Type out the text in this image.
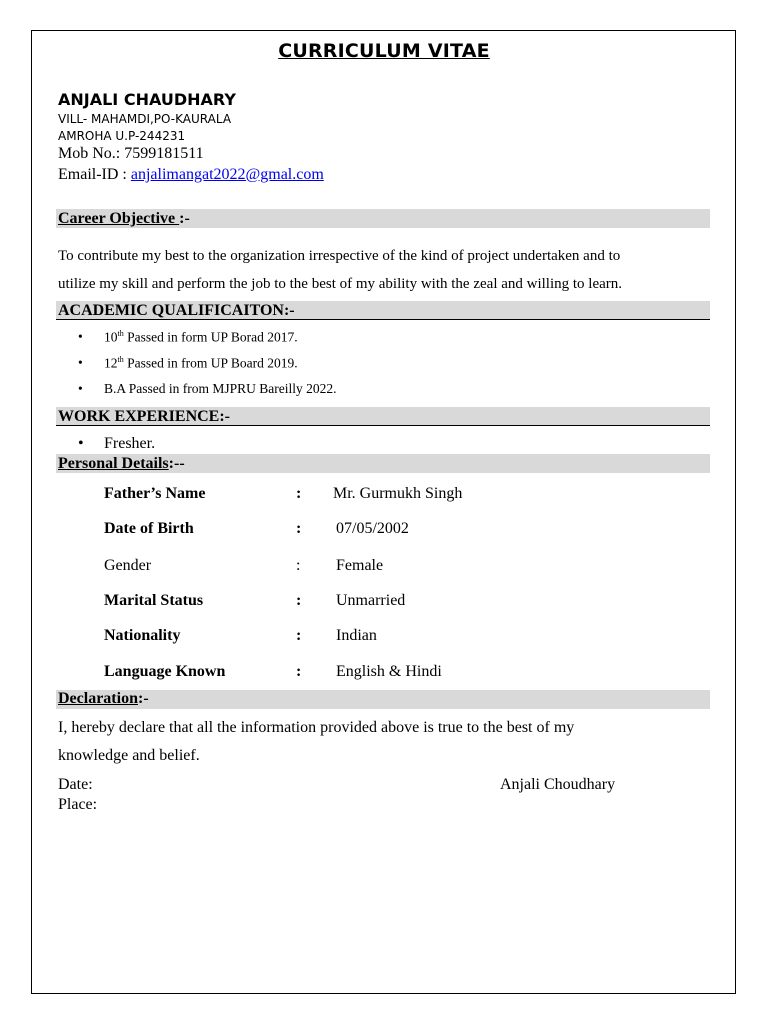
CURRICULUM VITAE
ANJALI CHAUDHARY
VILL- MAHAMDI,PO-KAURALA
AMROHA U.P-244231
Mob No.: 7599181511
Email-ID : anjalimangat2022@gmal.com
Career Objective :-
To contribute my best to the organization irrespective of the kind of project undertaken and to
utilize my skill and perform the job to the best of my ability with the zeal and willing to learn.
ACADEMIC QUALIFICAITON:-
• 10th Passed in form UP Borad 2017.
• 12th Passed in from UP Board 2019.
• B.A Passed in from MJPRU Bareilly 2022.
WORK EXPERIENCE:-
• Fresher.
Personal Details:--
Father’s Name	: Mr. Gurmukh Singh
Date of Birth	: 07/05/2002
Gender	: Female
Marital Status	: Unmarried
Nationality	: Indian
Language Known	: English & Hindi
Declaration:-
I, hereby declare that all the information provided above is true to the best of my
knowledge and belief.
Date:
Place:
Anjali Choudhary
